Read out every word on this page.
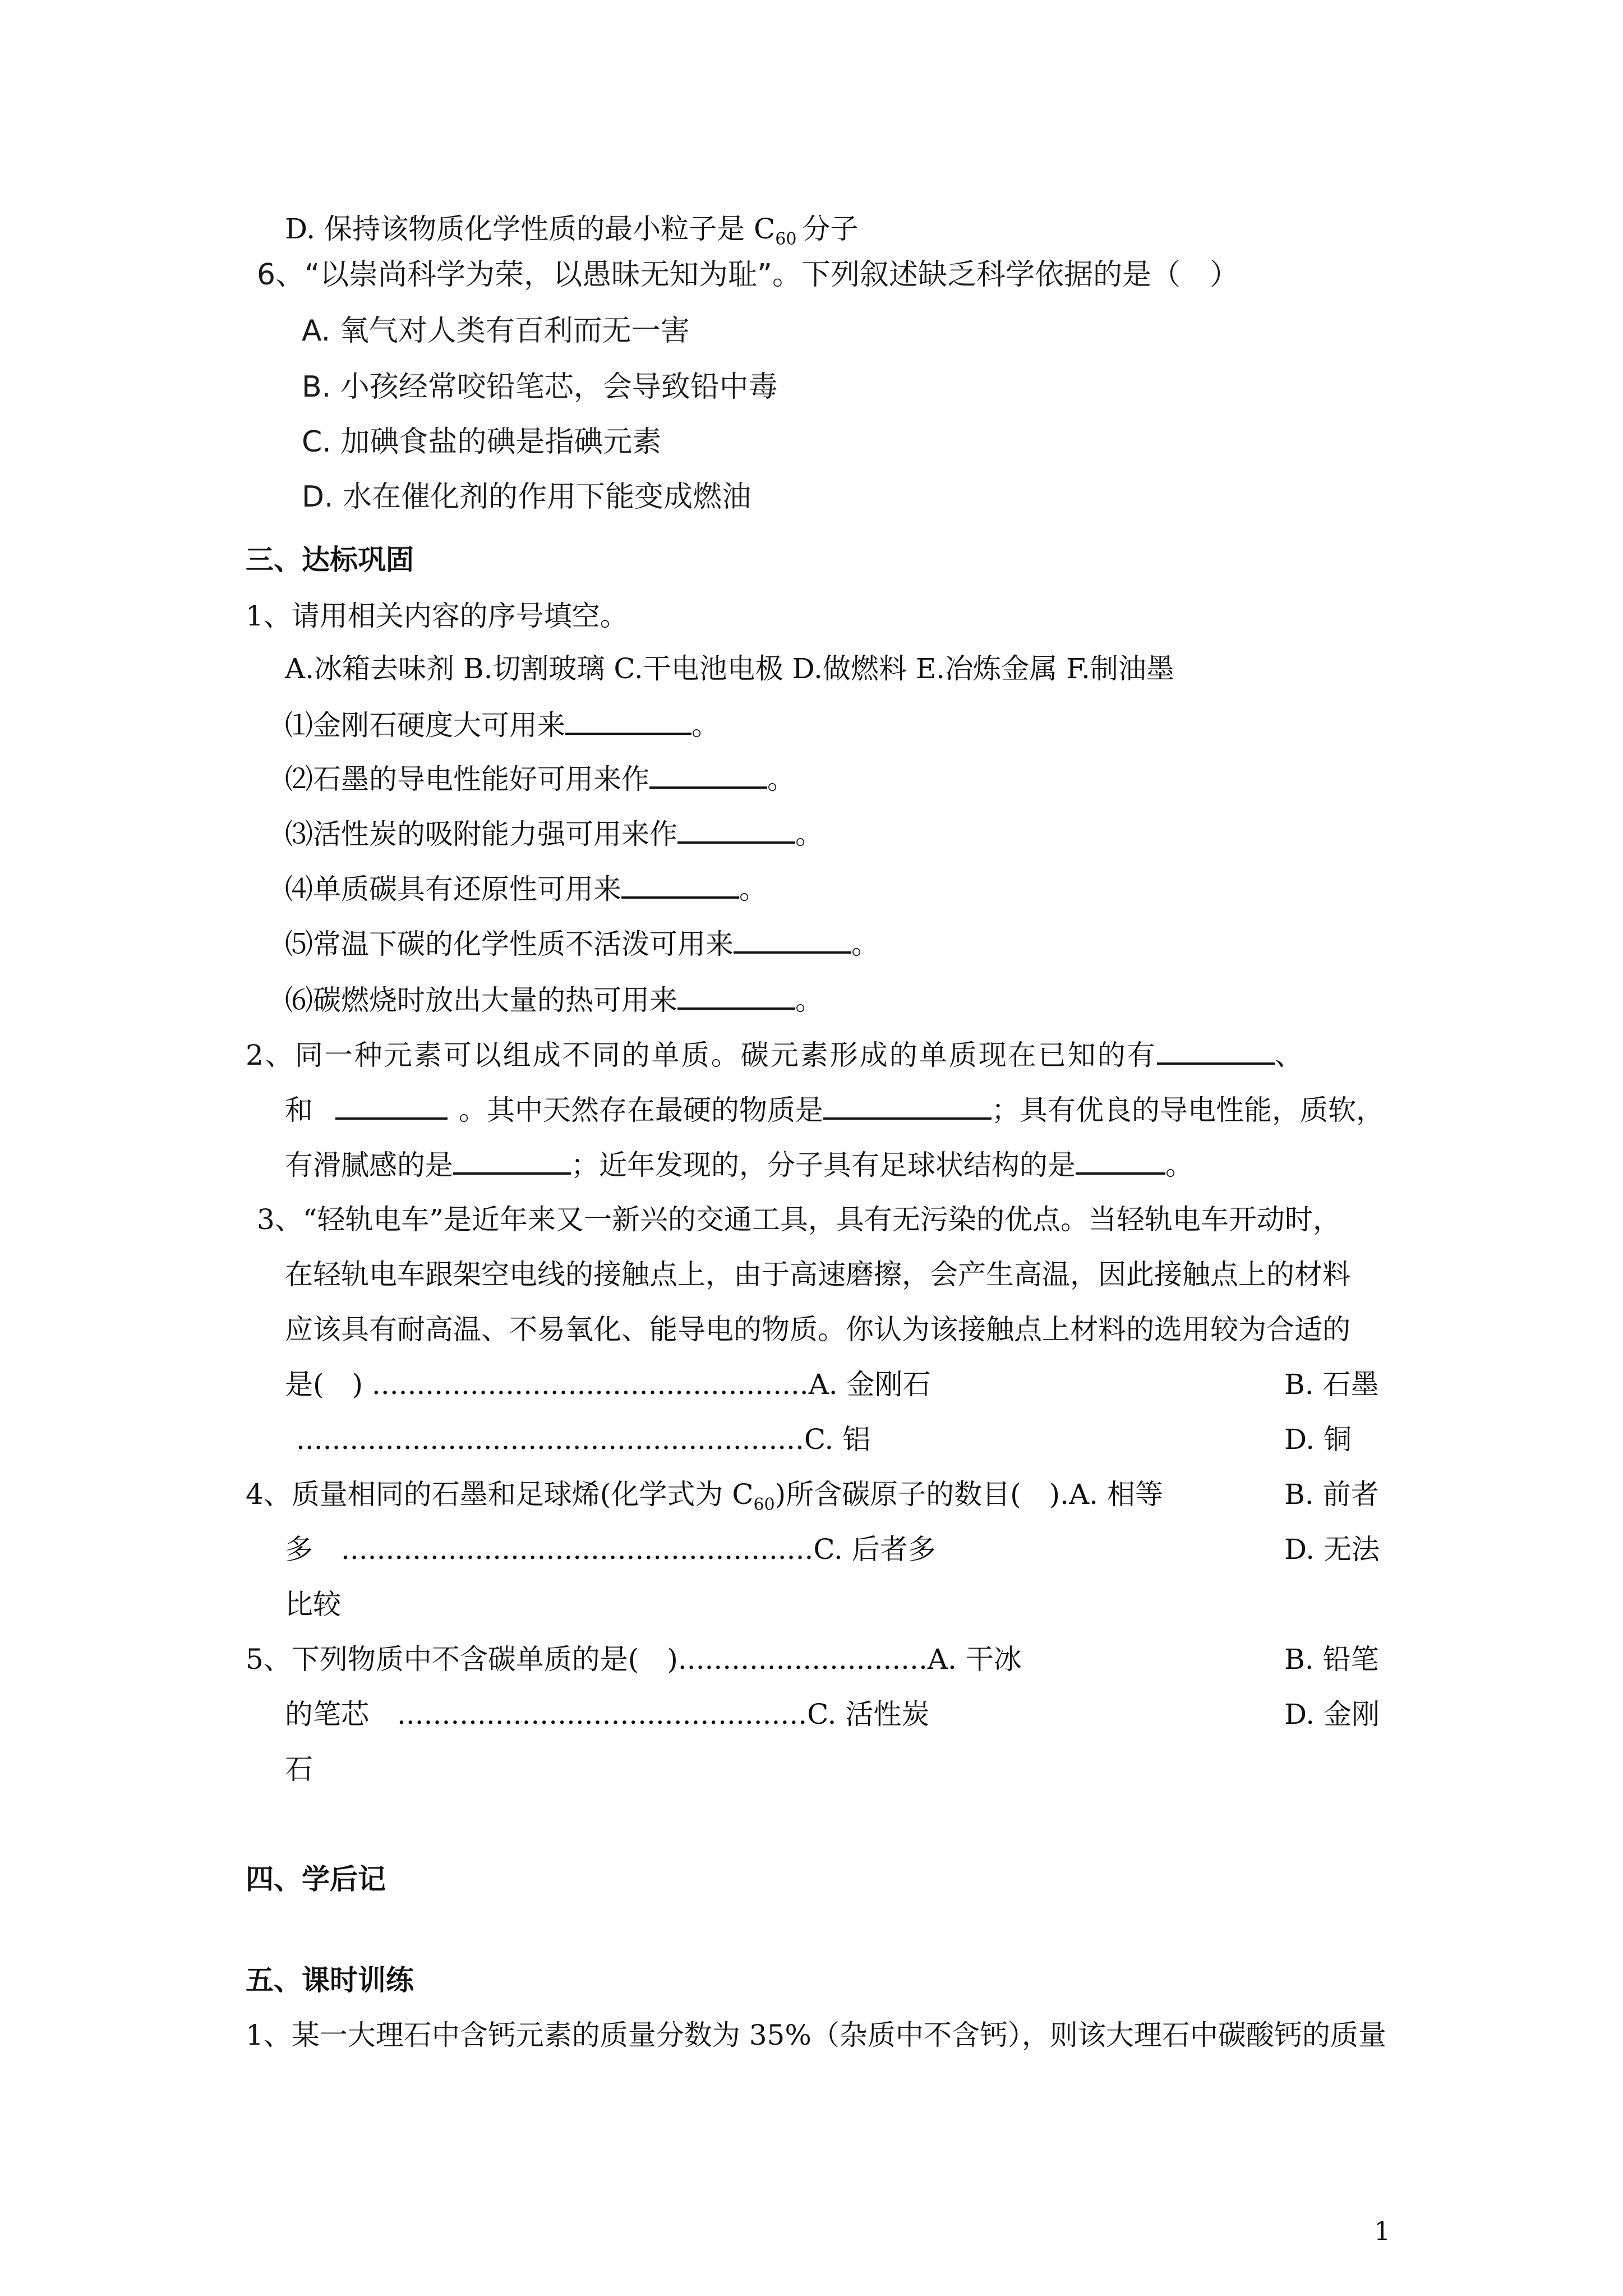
D. 保持该物质化学性质的最小粒子是 $C_{60}$ 分子
6、“以崇尚科学为荣，以愚昧无知为耻”。下列叙述缺乏科学依据的是（　）
A. 氧气对人类有百利而无一害
B. 小孩经常咬铅笔芯，会导致铅中毒
C. 加碘食盐的碘是指碘元素
D. 水在催化剂的作用下能变成燃油
三、达标巩固
1、请用相关内容的序号填空。
A.冰箱去味剂 B.切割玻璃 C.干电池电极 D.做燃料 E.冶炼金属 F.制油墨
⑴金刚石硬度大可用来	。
⑵石墨的导电性能好可用来作	。
⑶活性炭的吸附能力强可用来作	。
⑷单质碳具有还原性可用来	。
⑸常温下碳的化学性质不活泼可用来	。
⑹碳燃烧时放出大量的热可用来	。
2、同一种元素可以组成不同的单质。碳元素形成的单质现在已知的有	、
和	。其中天然存在最硬的物质是	；具有优良的导电性能，质软，
有滑腻感的是	；近年发现的，分子具有足球状结构的是	。
3、“轻轨电车”是近年来又一新兴的交通工具，具有无污染的优点。当轻轨电车开动时，
在轻轨电车跟架空电线的接触点上，由于高速磨擦，会产生高温，因此接触点上的材料
应该具有耐高温、不易氧化、能导电的物质。你认为该接触点上材料的选用较为合适的
是(　) .................................................A. 金刚石	B. 石墨
.........................................................C. 铝	D. 铜
4、质量相同的石墨和足球烯(化学式为 $C_{60}$)所含碳原子的数目(　).A. 相等	B. 前者
多　.....................................................C. 后者多	D. 无法
比较
5、下列物质中不含碳单质的是(　)............................A. 干冰	B. 铅笔
的笔芯　..............................................C. 活性炭	D. 金刚
石
四、学后记
五、课时训练
1、某一大理石中含钙元素的质量分数为 35%（杂质中不含钙），则该大理石中碳酸钙的质量
1
